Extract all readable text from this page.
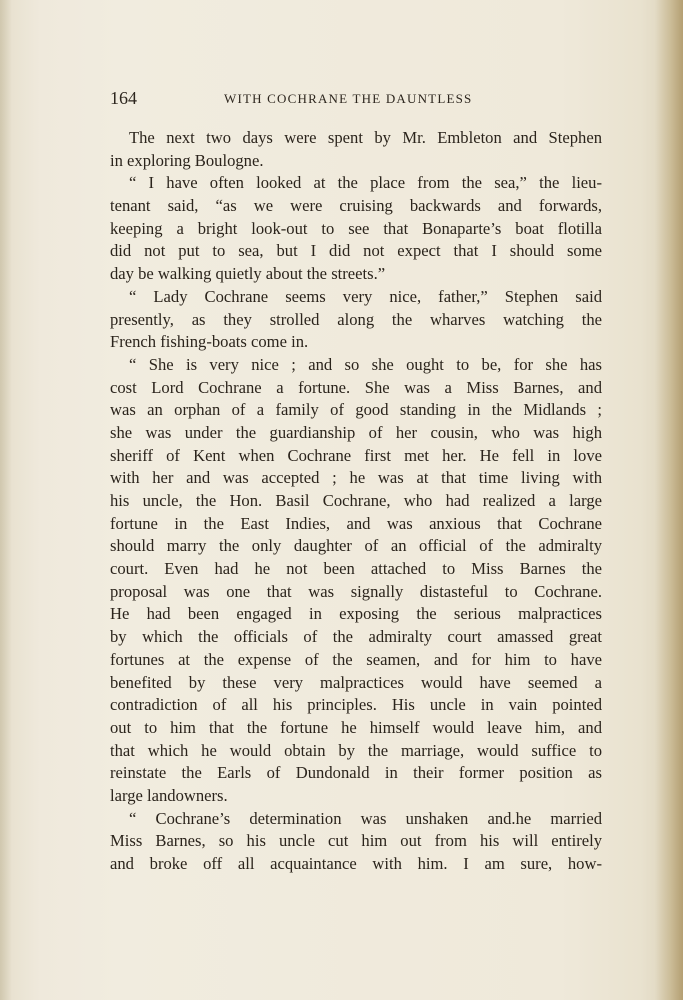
164	WITH COCHRANE THE DAUNTLESS
The next two days were spent by Mr. Embleton and Stephen
in exploring Boulogne.
“ I have often looked at the place from the sea,” the lieu-
tenant said, “as we were cruising backwards and forwards,
keeping a bright look-out to see that Bonaparte’s boat flotilla
did not put to sea, but I did not expect that I should some
day be walking quietly about the streets.”
“ Lady Cochrane seems very nice, father,” Stephen said
presently, as they strolled along the wharves watching the
French fishing-boats come in.
“ She is very nice ; and so she ought to be, for she has
cost Lord Cochrane a fortune. She was a Miss Barnes, and
was an orphan of a family of good standing in the Midlands ;
she was under the guardianship of her cousin, who was high
sheriff of Kent when Cochrane first met her. He fell in love
with her and was accepted ; he was at that time living with
his uncle, the Hon. Basil Cochrane, who had realized a large
fortune in the East Indies, and was anxious that Cochrane
should marry the only daughter of an official of the admiralty
court. Even had he not been attached to Miss Barnes the
proposal was one that was signally distasteful to Cochrane.
He had been engaged in exposing the serious malpractices
by which the officials of the admiralty court amassed great
fortunes at the expense of the seamen, and for him to have
benefited by these very malpractices would have seemed a
contradiction of all his principles. His uncle in vain pointed
out to him that the fortune he himself would leave him, and
that which he would obtain by the marriage, would suffice to
reinstate the Earls of Dundonald in their former position as
large landowners.
“ Cochrane’s determination was unshaken and.he married
Miss Barnes, so his uncle cut him out from his will entirely
and broke off all acquaintance with him. I am sure, how-
